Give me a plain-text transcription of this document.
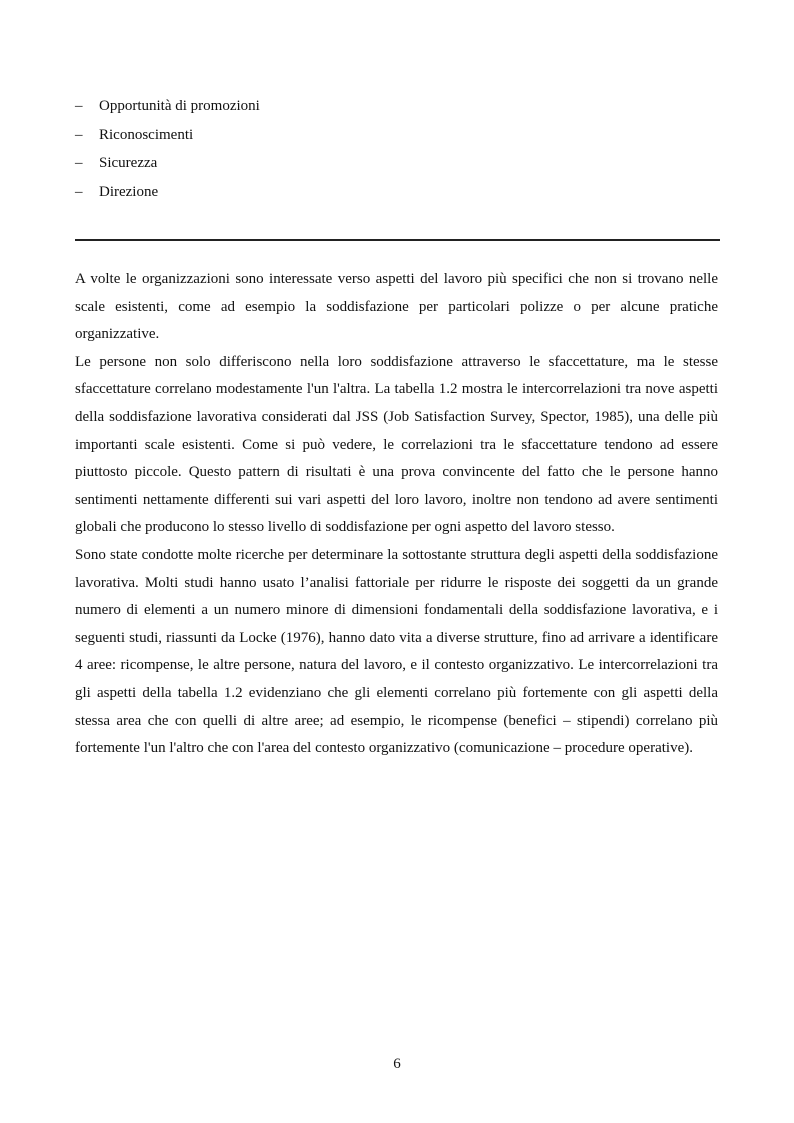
–	Opportunità di promozioni
–	Riconoscimenti
–	Sicurezza
–	Direzione

A volte le organizzazioni sono interessate verso aspetti del lavoro più specifici che non si trovano nelle scale esistenti, come ad esempio la soddisfazione per particolari polizze o per alcune pratiche organizzative.

Le persone non solo differiscono nella loro soddisfazione attraverso le sfaccettature, ma le stesse sfaccettature correlano modestamente l'un l'altra. La tabella 1.2 mostra le intercorrelazioni tra nove aspetti della soddisfazione lavorativa considerati dal JSS (Job Satisfaction Survey, Spector, 1985), una delle più importanti scale esistenti. Come si può vedere, le correlazioni tra le sfaccettature tendono ad essere piuttosto piccole. Questo pattern di risultati è una prova convincente del fatto che le persone hanno sentimenti nettamente differenti sui vari aspetti del loro lavoro, inoltre non tendono ad avere sentimenti globali che producono lo stesso livello di soddisfazione per ogni aspetto del lavoro stesso.

Sono state condotte molte ricerche per determinare la sottostante struttura degli aspetti della soddisfazione lavorativa. Molti studi hanno usato l’analisi fattoriale per ridurre le risposte dei soggetti da un grande numero di elementi a un numero minore di dimensioni fondamentali della soddisfazione lavorativa, e i seguenti studi, riassunti da Locke (1976), hanno dato vita a diverse strutture, fino ad arrivare a identificare 4 aree: ricompense, le altre persone, natura del lavoro, e il contesto organizzativo. Le intercorrelazioni tra gli aspetti della tabella 1.2 evidenziano che gli elementi correlano più fortemente con gli aspetti della stessa area che con quelli di altre aree; ad esempio, le ricompense (benefici – stipendi) correlano più fortemente l'un l'altro che con l'area del contesto organizzativo (comunicazione – procedure operative).

6
